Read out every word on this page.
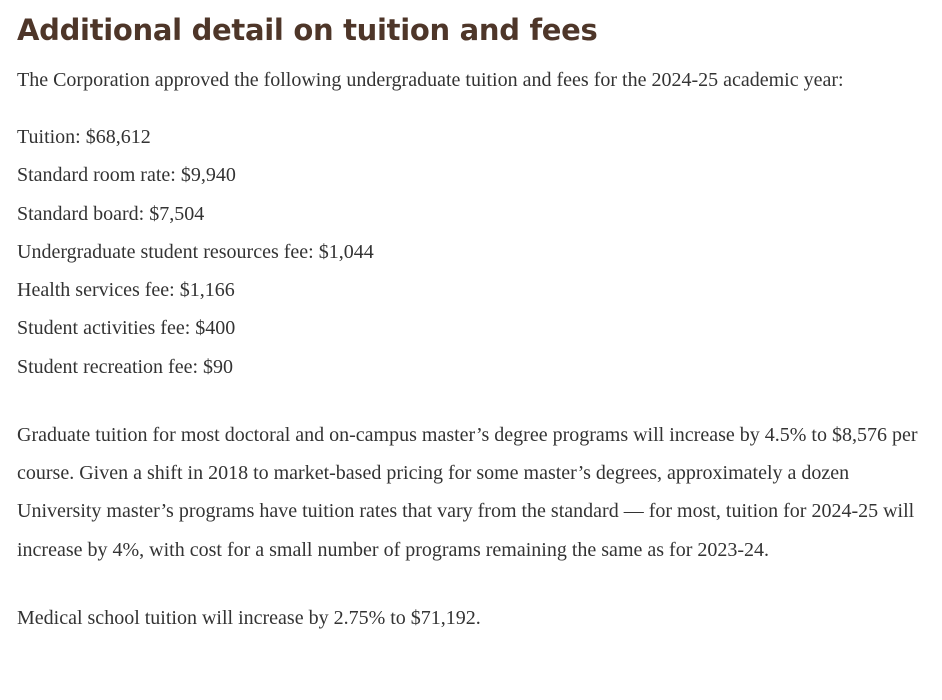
Additional detail on tuition and fees

The Corporation approved the following undergraduate tuition and fees for the 2024-25 academic year:

Tuition: $68,612
Standard room rate: $9,940
Standard board: $7,504
Undergraduate student resources fee: $1,044
Health services fee: $1,166
Student activities fee: $400
Student recreation fee: $90

Graduate tuition for most doctoral and on-campus master’s degree programs will increase by 4.5% to $8,576 per course. Given a shift in 2018 to market-based pricing for some master’s degrees, approximately a dozen University master’s programs have tuition rates that vary from the standard — for most, tuition for 2024-25 will increase by 4%, with cost for a small number of programs remaining the same as for 2023-24.

Medical school tuition will increase by 2.75% to $71,192.
